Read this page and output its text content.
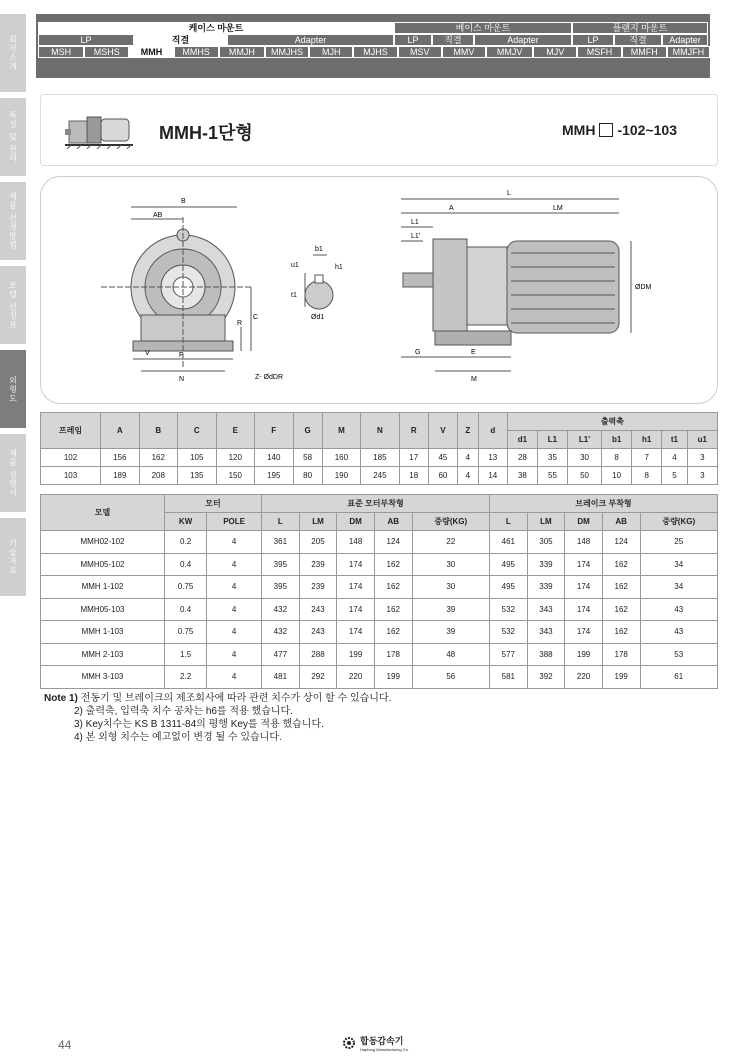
회사소개
특징 및 원리
제품 선정방법
모델 선정표
외형도
제품 설명서
기술자료
케이스 마운트	베이스 마운트	플랜지 마운트
LP	직결	Adapter	LP	직결	Adapter	LP	직결	Adapter
MSH	MSHS	MMH	MMHS	MMJH	MMJHS	MJH	MJHS	MSV	MMV	MMJV	MJV	MSFH	MMFH	MMJFH
MMH-1단형	MMH -102~103
B
AB
C
R
F
N
V
Z- ØdDR
b1
u1	h1
t1
Ød1
L
A	LM
L1
L1'
ØDM
G	E
M
프레임	A	B	C	E	F	G	M	N	R	V	Z	d	출력축						
													d1	L1	L1'	b1	h1	t1	u1
102	156	162	105	120	140	58	160	185	17	45	4	13	28	35	30	8	7	4	3
103	189	208	135	150	195	80	190	245	18	60	4	14	38	55	50	10	8	5	3
모델	모터		표준 모터부착형					브레이크 부착형				
	KW	POLE	L	LM	DM	AB	중량(KG)	L	LM	DM	AB	중량(KG)
MMH02-102	0.2	4	361	205	148	124	22	461	305	148	124	25
MMH05-102	0.4	4	395	239	174	162	30	495	339	174	162	34
MMH 1-102	0.75	4	395	239	174	162	30	495	339	174	162	34
MMH05-103	0.4	4	432	243	174	162	39	532	343	174	162	43
MMH 1-103	0.75	4	432	243	174	162	39	532	343	174	162	43
MMH 2-103	1.5	4	477	288	199	178	48	577	388	199	178	53
MMH 3-103	2.2	4	481	292	220	199	56	581	392	220	199	61
Note 1) 전동기 및 브레이크의 제조회사에 따라 관련 치수가 상이 할 수 있습니다.
2) 출력축, 입력축 치수 공차는 h6를 적용 했습니다.
3) Key치수는 KS B 1311-84의 평행 Key를 적용 했습니다.
4) 본 외형 치수는 예고없이 변경 될 수 있습니다.
44	합동감속기
Haptong Manufacturing Co.
